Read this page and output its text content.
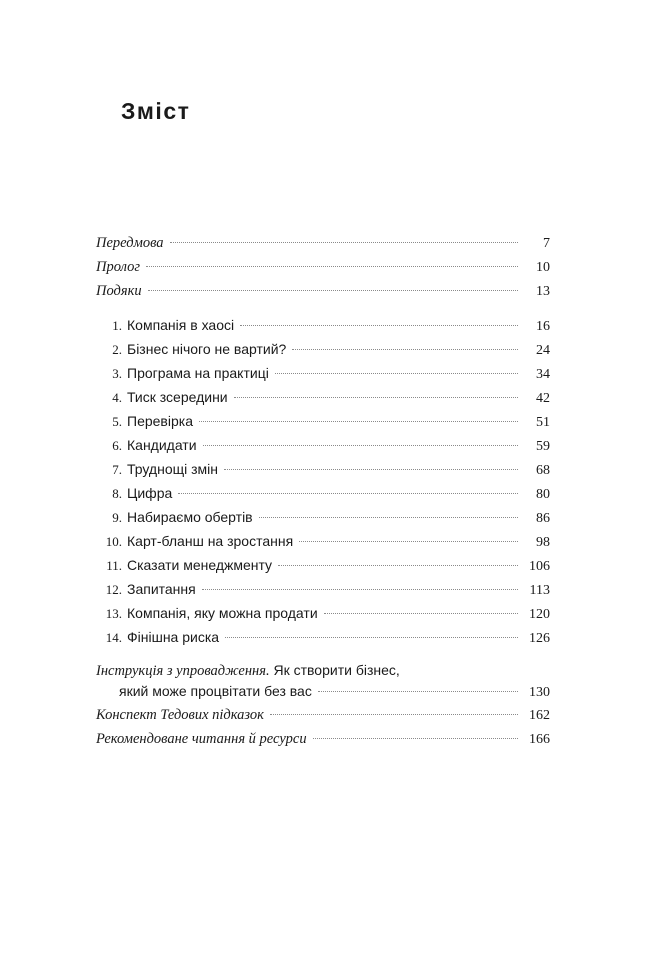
Зміст
Передмова	7
Пролог	10
Подяки	13
1. Компанія в хаосі	16
2. Бізнес нічого не вартий?	24
3. Програма на практиці	34
4. Тиск зсередини	42
5. Перевірка	51
6. Кандидати	59
7. Труднощі змін	68
8. Цифра	80
9. Набираємо обертів	86
10. Карт-бланш на зростання	98
11. Сказати менеджменту	106
12. Запитання	113
13. Компанія, яку можна продати	120
14. Фінішна риска	126
Інструкція з упровадження. Як створити бізнес,
який може процвітати без вас	130
Конспект Тедових підказок	162
Рекомендоване читання й ресурси	166
